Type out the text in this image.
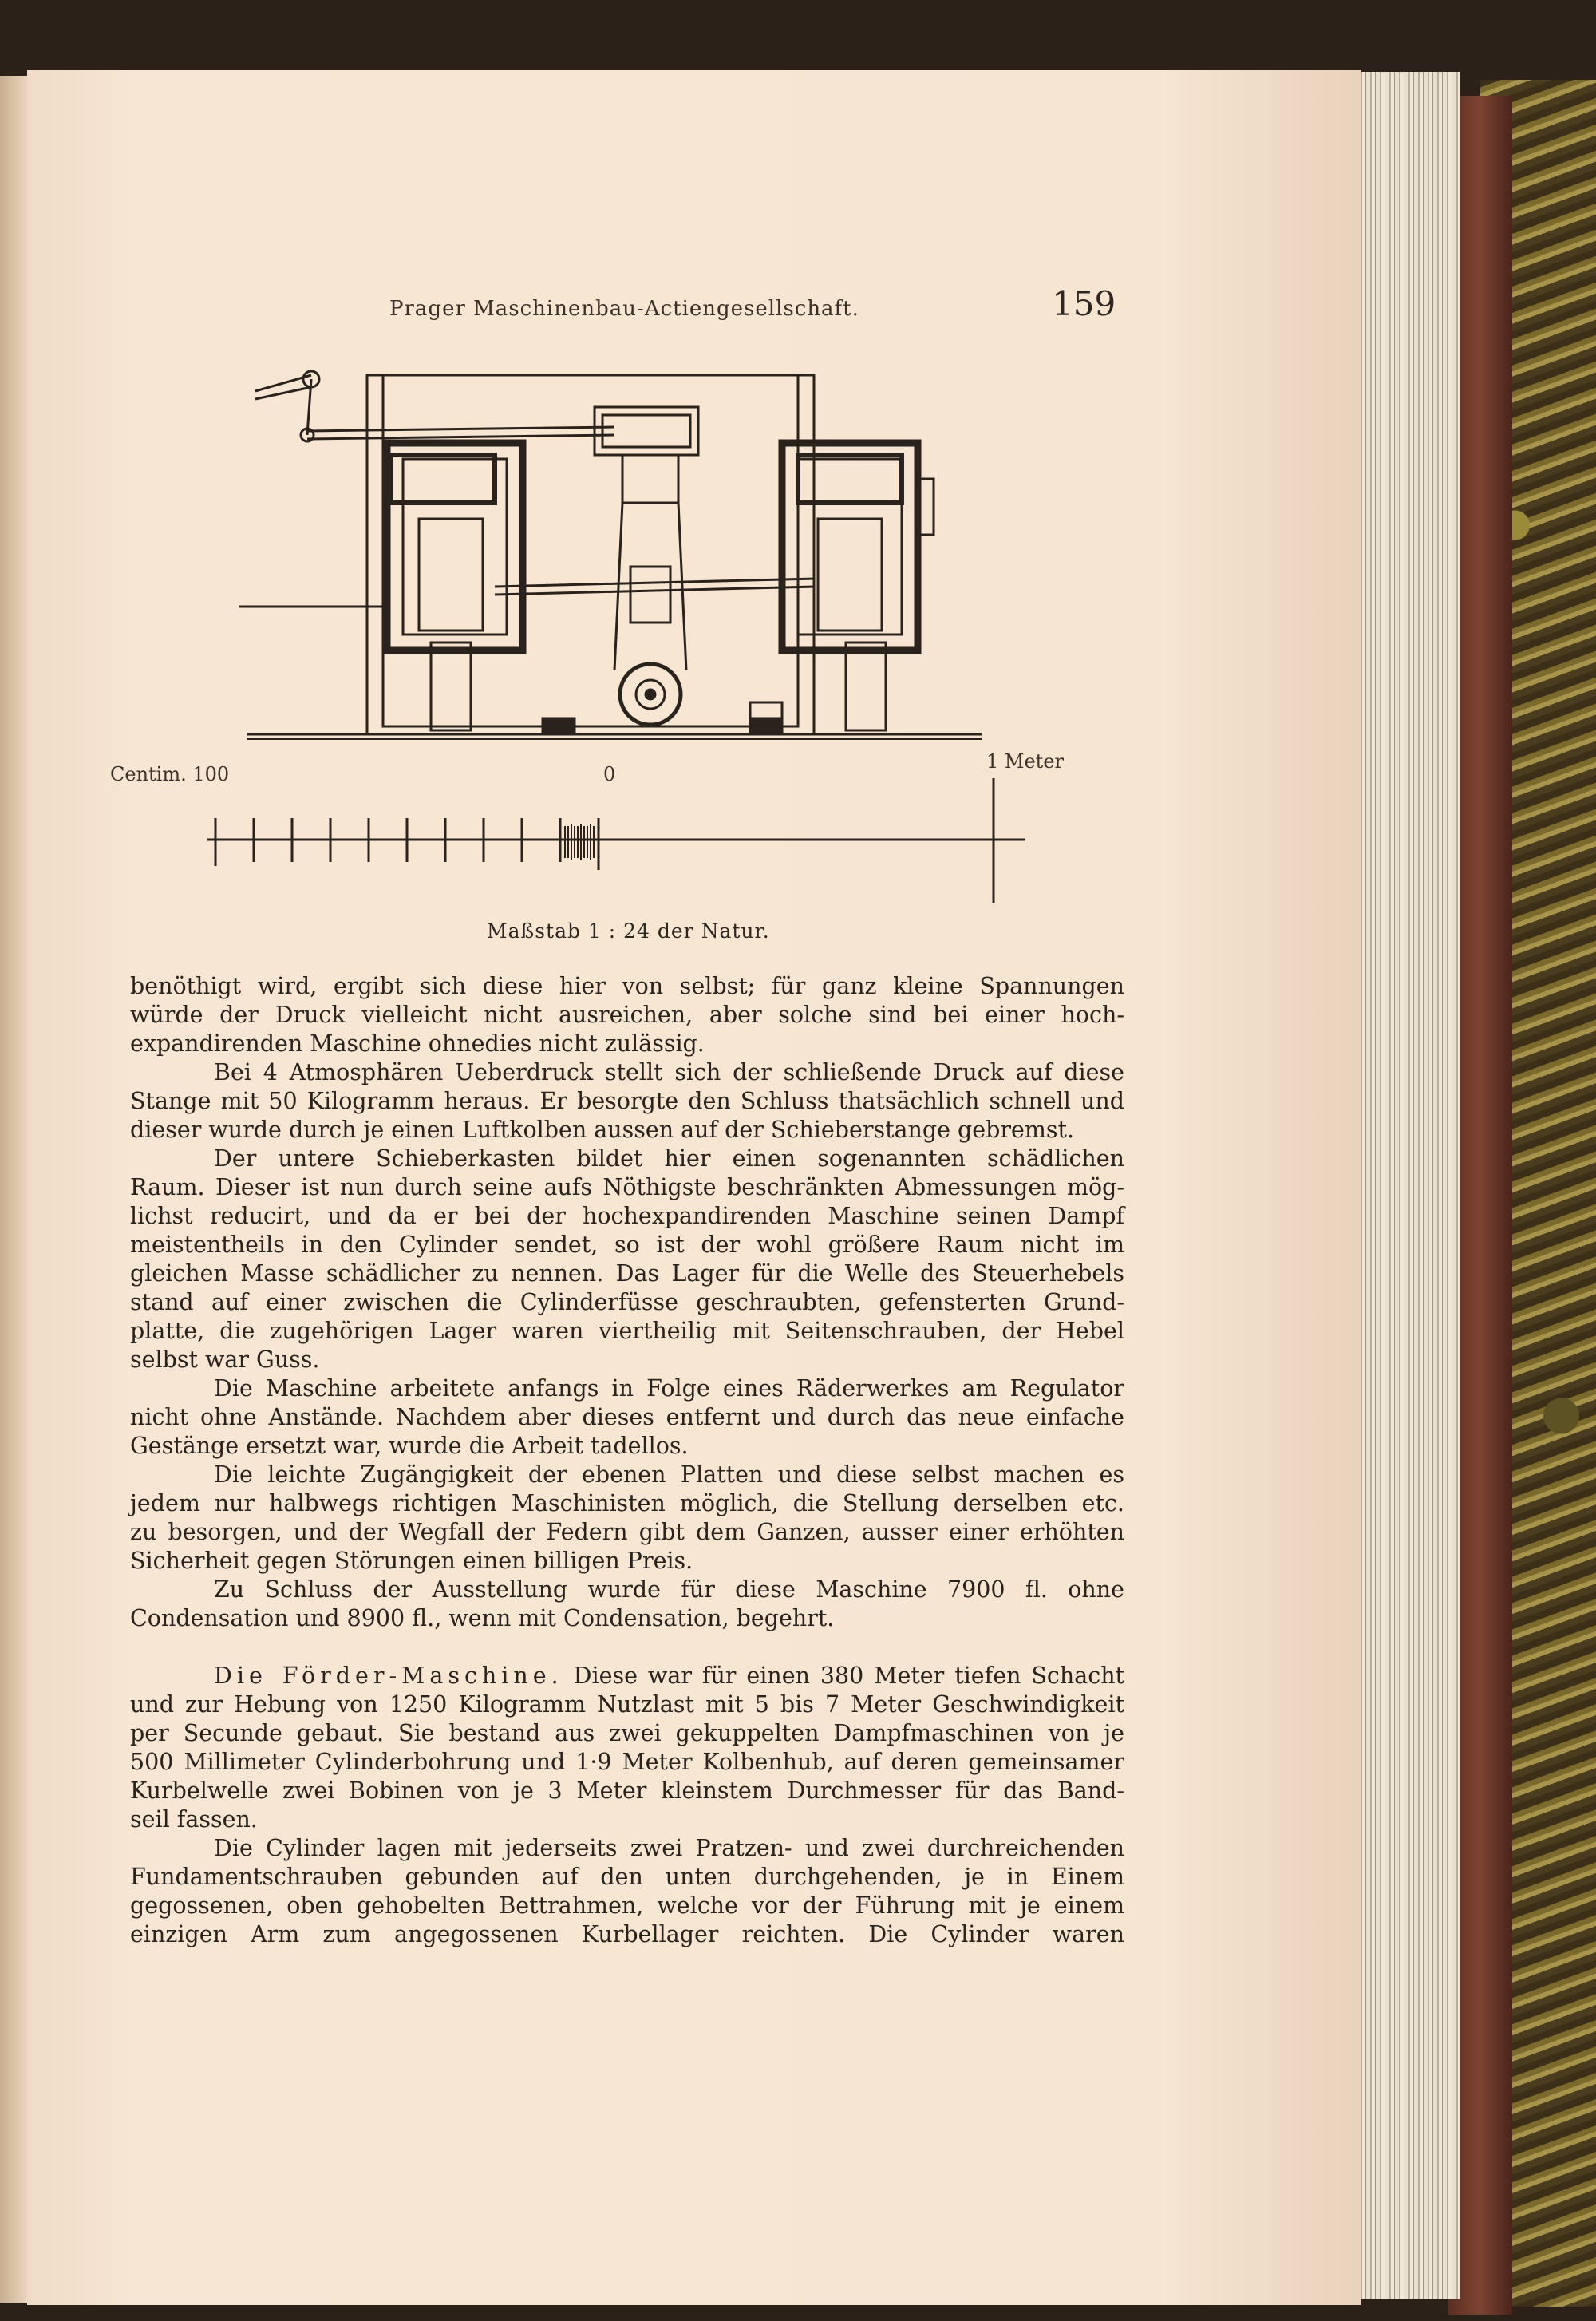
Prager Maschinenbau-Actiengesellschaft.	159
Centim. 100	0
1 Meter
Maßstab 1 : 24 der Natur.
benöthigt wird, ergibt sich diese hier von selbst; für ganz kleine Spannungen
würde der Druck vielleicht nicht ausreichen, aber solche sind bei einer hoch-
expandirenden Maschine ohnedies nicht zulässig.
Bei 4 Atmosphären Ueberdruck stellt sich der schließende Druck auf diese
Stange mit 50 Kilogramm heraus. Er besorgte den Schluss thatsächlich schnell und
dieser wurde durch je einen Luftkolben aussen auf der Schieberstange gebremst.
Der untere Schieberkasten bildet hier einen sogenannten schädlichen
Raum. Dieser ist nun durch seine aufs Nöthigste beschränkten Abmessungen mög-
lichst reducirt, und da er bei der hochexpandirenden Maschine seinen Dampf
meistentheils in den Cylinder sendet, so ist der wohl größere Raum nicht im
gleichen Masse schädlicher zu nennen. Das Lager für die Welle des Steuerhebels
stand auf einer zwischen die Cylinderfüsse geschraubten, gefensterten Grund-
platte, die zugehörigen Lager waren viertheilig mit Seitenschrauben, der Hebel
selbst war Guss.
Die Maschine arbeitete anfangs in Folge eines Räderwerkes am Regulator
nicht ohne Anstände. Nachdem aber dieses entfernt und durch das neue einfache
Gestänge ersetzt war, wurde die Arbeit tadellos.
Die leichte Zugängigkeit der ebenen Platten und diese selbst machen es
jedem nur halbwegs richtigen Maschinisten möglich, die Stellung derselben etc.
zu besorgen, und der Wegfall der Federn gibt dem Ganzen, ausser einer erhöhten
Sicherheit gegen Störungen einen billigen Preis.
Zu Schluss der Ausstellung wurde für diese Maschine 7900 fl. ohne
Condensation und 8900 fl., wenn mit Condensation, begehrt.
Die Förder-Maschine. Diese war für einen 380 Meter tiefen Schacht
und zur Hebung von 1250 Kilogramm Nutzlast mit 5 bis 7 Meter Geschwindigkeit
per Secunde gebaut. Sie bestand aus zwei gekuppelten Dampfmaschinen von je
500 Millimeter Cylinderbohrung und 1·9 Meter Kolbenhub, auf deren gemeinsamer
Kurbelwelle zwei Bobinen von je 3 Meter kleinstem Durchmesser für das Band-
seil fassen.
Die Cylinder lagen mit jederseits zwei Pratzen- und zwei durchreichenden
Fundamentschrauben gebunden auf den unten durchgehenden, je in Einem
gegossenen, oben gehobelten Bettrahmen, welche vor der Führung mit je einem
einzigen Arm zum angegossenen Kurbellager reichten. Die Cylinder waren
